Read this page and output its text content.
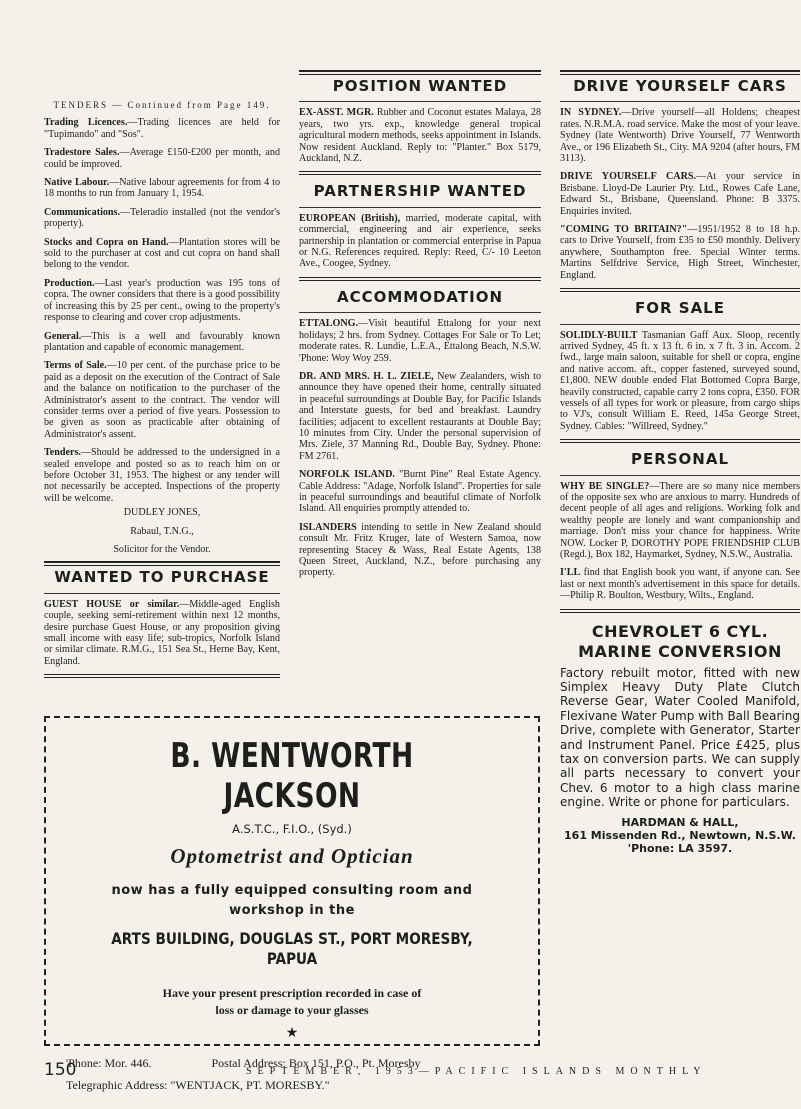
TENDERS — Continued from Page 149.

Trading Licences.—Trading licences are held for "Tupimando" and "Sos".

Tradestore Sales.—Average £150-£200 per month, and could be improved.

Native Labour.—Native labour agreements for from 4 to 18 months to run from January 1, 1954.

Communications.—Teleradio installed (not the vendor's property).

Stocks and Copra on Hand.—Plantation stores will be sold to the purchaser at cost and cut copra on hand shall belong to the vendor.

Production.—Last year's production was 195 tons of copra. The owner considers that there is a good possibility of increasing this by 25 per cent., owing to the property's response to clearing and cover crop adjustments.

General.—This is a well and favourably known plantation and capable of economic management.

Terms of Sale.—10 per cent. of the purchase price to be paid as a deposit on the execution of the Contract of Sale and the balance on notification to the purchaser of the Administrator's assent to the contract. The vendor will consider terms over a period of five years. Possession to be given as soon as practicable after obtaining of Administrator's assent.

Tenders.—Should be addressed to the undersigned in a sealed envelope and posted so as to reach him on or before October 31, 1953. The highest or any tender will not necessarily be accepted. Inspections of the property will be welcome.

DUDLEY JONES,

Rabaul, T.N.G.,

Solicitor for the Vendor.

WANTED TO PURCHASE

GUEST HOUSE or similar.—Middle-aged English couple, seeking semi-retirement within next 12 months, desire purchase Guest House, or any proposition giving small income with easy life; sub-tropics, Norfolk Island or similar climate. R.M.G., 151 Sea St., Herne Bay, Kent, England.

POSITION WANTED

EX-ASST. MGR. Rubber and Coconut estates Malaya, 28 years, two yrs. exp., knowledge general tropical agricultural modern methods, seeks appointment in Islands. Now resident Auckland. Reply to: "Planter." Box 5179, Auckland, N.Z.

PARTNERSHIP WANTED

EUROPEAN (British), married, moderate capital, with commercial, engineering and air experience, seeks partnership in plantation or commercial enterprise in Papua or N.G. References required. Reply: Reed, C/- 10 Leeton Ave., Coogee, Sydney.

ACCOMMODATION

ETTALONG.—Visit beautiful Ettalong for your next holidays; 2 hrs. from Sydney. Cottages For Sale or To Let; moderate rates. R. Lundie, L.E.A., Ettalong Beach, N.S.W. 'Phone: Woy Woy 259.

DR. AND MRS. H. L. ZIELE, New Zealanders, wish to announce they have opened their home, centrally situated in peaceful surroundings at Double Bay, for Pacific Islands and Interstate guests, for bed and breakfast. Laundry facilities; adjacent to excellent restaurants at Double Bay; 10 minutes from City. Under the personal supervision of Mrs. Ziele, 37 Manning Rd., Double Bay, Sydney. Phone: FM 2761.

NORFOLK ISLAND. "Burnt Pine" Real Estate Agency. Cable Address: "Adage, Norfolk Island". Properties for sale in peaceful surroundings and beautiful climate of Norfolk Island. All enquiries promptly attended to.

ISLANDERS intending to settle in New Zealand should consult Mr. Fritz Kruger, late of Western Samoa, now representing Stacey & Wass, Real Estate Agents, 138 Queen Street, Auckland, N.Z., before purchasing any property.

DRIVE YOURSELF CARS

IN SYDNEY.—Drive yourself—all Holdens; cheapest rates. N.R.M.A. road service. Make the most of your leave. Sydney (late Wentworth) Drive Yourself, 77 Wentworth Ave., or 196 Elizabeth St., City. MA 9204 (after hours, FM 3113).

DRIVE YOURSELF CARS.—At your service in Brisbane. Lloyd-De Laurier Pty. Ltd., Rowes Cafe Lane, Edward St., Brisbane, Queensland. Phone: B 3375. Enquiries invited.

"COMING TO BRITAIN?"—1951/1952 8 to 18 h.p. cars to Drive Yourself, from £35 to £50 monthly. Delivery anywhere, Southampton free. Special Winter terms. Martins Selfdrive Service, High Street, Winchester, England.

FOR SALE

SOLIDLY-BUILT Tasmanian Gaff Aux. Sloop, recently arrived Sydney, 45 ft. x 13 ft. 6 in. x 7 ft. 3 in. Accom. 2 fwd., large main saloon, suitable for shell or copra, engine and native accom. aft., copper fastened, surveyed sound, £1,800. NEW double ended Flat Bottomed Copra Barge, heavily constructed, capable carry 2 tons copra, £350. FOR vessels of all types for work or pleasure, from cargo ships to VJ's, consult William E. Reed, 145a George Street, Sydney. Cables: "Willreed, Sydney."

PERSONAL

WHY BE SINGLE?—There are so many nice members of the opposite sex who are anxious to marry. Hundreds of decent people of all ages and religions. Working folk and wealthy people are lonely and want companionship and marriage. Don't miss your chance for happiness. Write NOW. Locker P, DOROTHY POPE FRIENDSHIP CLUB (Regd.), Box 182, Haymarket, Sydney, N.S.W., Australia.

I'LL find that English book you want, if anyone can. See last or next month's advertisement in this space for details. —Philip R. Boulton, Westbury, Wilts., England.

CHEVROLET 6 CYL. MARINE CONVERSION
Factory rebuilt motor, fitted with new Simplex Heavy Duty Plate Clutch Reverse Gear, Water Cooled Manifold, Flexivane Water Pump with Ball Bearing Drive, complete with Generator, Starter and Instrument Panel. Price £425, plus tax on conversion parts. We can supply all parts necessary to convert your Chev. 6 motor to a high class marine engine. Write or phone for particulars.
HARDMAN & HALL,
161 Missenden Rd., Newtown, N.S.W.
'Phone: LA 3597.
B. WENTWORTH JACKSON
A.S.T.C., F.I.O., (Syd.)
Optometrist and Optician
now has a fully equipped consulting room and
workshop in the
ARTS BUILDING, DOUGLAS ST., PORT MORESBY,
PAPUA
Have your present prescription recorded in case of
loss or damage to your glasses
★
'Phone: Mor. 446.	Postal Address: Box 151, P.O., Pt. Moresby
Telegraphic Address: "WENTJACK, PT. MORESBY."
150	SEPTEMBER, 1953—PACIFIC ISLANDS MONTHLY
